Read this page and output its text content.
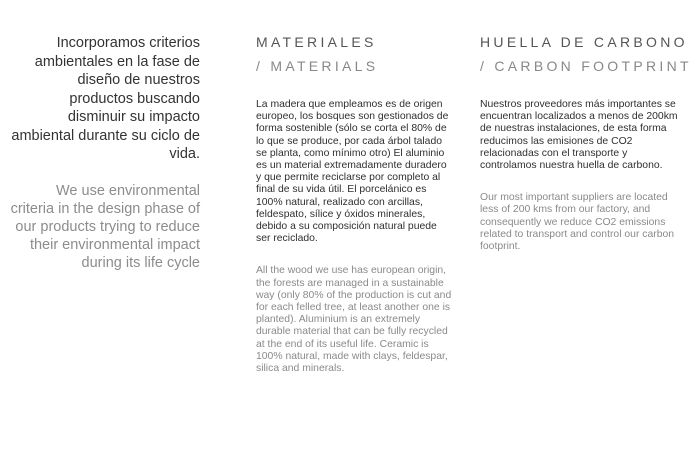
Incorporamos criterios ambientales en la fase de diseño de nuestros productos buscando disminuir su impacto ambiental durante su ciclo de vida.

We use environmental criteria in the design phase of our products trying to reduce their environmental impact during its life cycle

MATERIALES
/ MATERIALS

La madera que empleamos es de origen europeo, los bosques son gestionados de forma sostenible (sólo se corta el 80% de lo que se produce, por cada árbol talado se planta, como mínimo otro) El aluminio es un material extremadamente duradero y que permite reciclarse por completo al final de su vida útil. El porcelánico es 100% natural, realizado con arcillas, feldespato, sílice y óxidos minerales, debido a su composición natural puede ser reciclado.

All the wood we use has european origin, the forests are managed in a sustainable way (only 80% of the production is cut and for each felled tree, at least another one is planted). Aluminium is an extremely durable material that can be fully recycled at the end of its useful life. Ceramic is 100% natural, made with clays, feldespar, silica and minerals.

HUELLA DE CARBONO
/ CARBON FOOTPRINT

Nuestros proveedores más importantes se encuentran localizados a menos de 200km de nuestras instalaciones, de esta forma reducimos las emisiones de CO2 relacionadas con el transporte y controlamos nuestra huella de carbono.

Our most important suppliers are located less of 200 kms from our factory, and consequently we reduce CO2 emissions related to transport and control our carbon footprint.
